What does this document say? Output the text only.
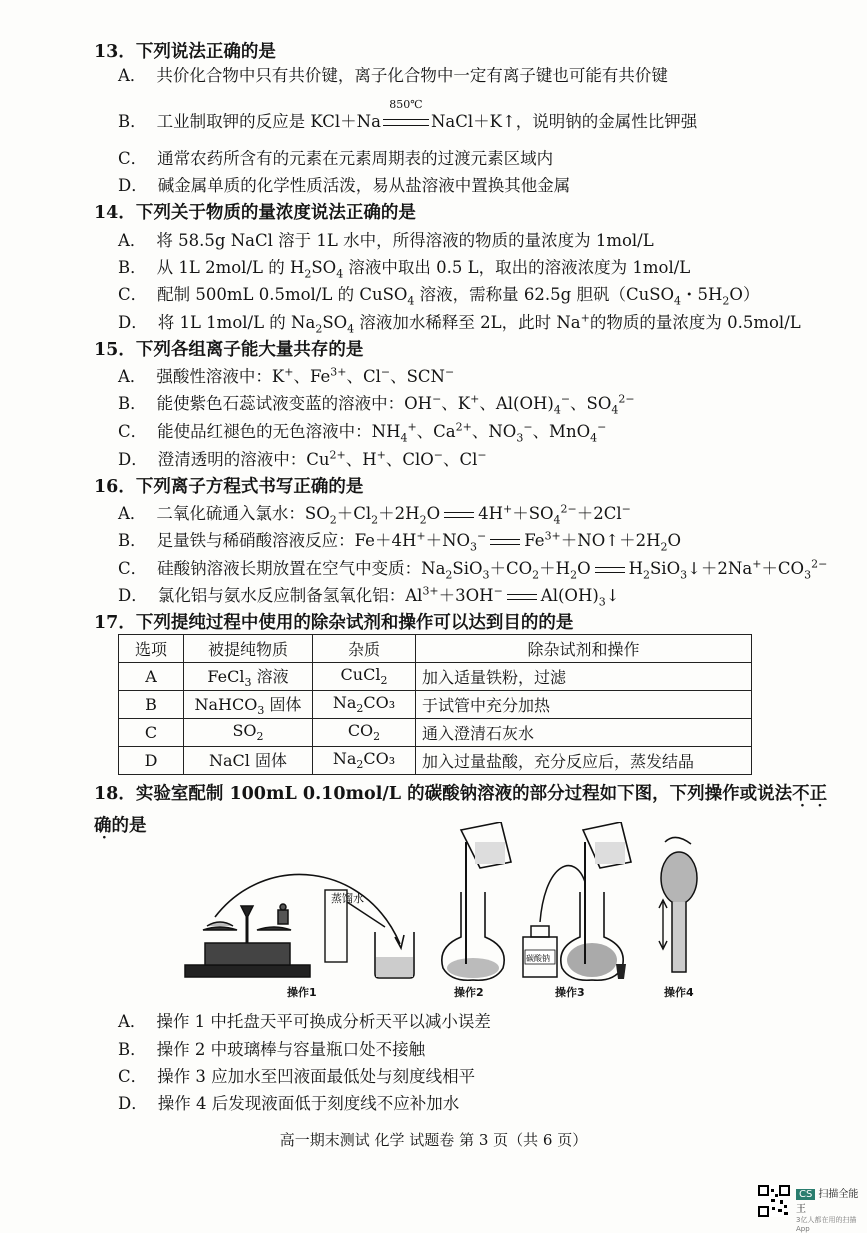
13．下列说法正确的是
A． 共价化合物中只有共价键，离子化合物中一定有离子键也可能有共价键
B． 工业制取钾的反应是 KCl＋Na
850℃
NaCl＋K↑，说明钠的金属性比钾强
C． 通常农药所含有的元素在元素周期表的过渡元素区域内
D． 碱金属单质的化学性质活泼，易从盐溶液中置换其他金属
14．下列关于物质的量浓度说法正确的是
A． 将 58.5g NaCl 溶于 1L 水中，所得溶液的物质的量浓度为 1mol/L
B． 从 1L 2mol/L 的 $H_2SO_4$ 溶液中取出 0.5 L，取出的溶液浓度为 1mol/L
C． 配制 500mL 0.5mol/L 的 CuSO$_4$ 溶液，需称量 62.5g 胆矾（CuSO$_4$・$5H_2O$）
D． 将 1L 1mol/L 的 $Na_2SO_4$ 溶液加水稀释至 2L，此时 Na+的物质的量浓度为 0.5mol/L
15．下列各组离子能大量共存的是
A． 强酸性溶液中：K+、$Fe^{3+}$、Cl−、SCN−
B． 能使紫色石蕊试液变蓝的溶液中：OH−、K+、$Al(OH)_4^-$、$SO_4^{2-}$
C． 能使品红褪色的无色溶液中：$NH_4^+$、$Ca^{2+}$、$NO_3^-$、MnO$_4$−
D． 澄清透明的溶液中：$Cu^{2+}$、H+、ClO−、Cl−
16．下列离子方程式书写正确的是
A． 二氧化硫通入氯水：$SO_2+Cl_2+2H_2O$ $4H^++SO_4^{2-}+2Cl^-$
B． 足量铁与稀硝酸溶液反应：$Fe+4H^++NO_3^-$ $Fe^{3+}+NO↑+2H_2O$
C． 硅酸钠溶液长期放置在空气中变质：$Na_2SiO_3+CO_2+H_2O$ $H_2SiO_3↓+2Na^++CO_3^{2-}$
D． 氯化铝与氨水反应制备氢氧化铝：$Al^{3+}+3OH^-$ $Al(OH)_3↓$
17．下列提纯过程中使用的除杂试剂和操作可以达到目的的是
选项	被提纯物质	杂质	除杂试剂和操作
A	FeCl$_3$ 溶液	CuCl$_2$	加入适量铁粉，过滤
B	NaHCO$_3$ 固体	$Na_2CO_3$	于试管中充分加热
C	$SO_2$	$CO_2$	通入澄清石灰水
D	NaCl 固体	$Na_2CO_3$	加入过量盐酸，充分反应后，蒸发结晶
18．实验室配制 100mL 0.10mol/L 的碳酸钠溶液的部分过程如下图，下列操作或说法不正
确的是
蒸馏水
碳酸钠
操作1	操作2	操作3	操作4
A． 操作 1 中托盘天平可换成分析天平以减小误差
B． 操作 2 中玻璃棒与容量瓶口处不接触
C． 操作 3 应加水至凹液面最低处与刻度线相平
D． 操作 4 后发现液面低于刻度线不应补加水
高一期末测试 化学 试题卷 第 3 页（共 6 页）
CS 扫描全能王
3亿人都在用的扫描App
